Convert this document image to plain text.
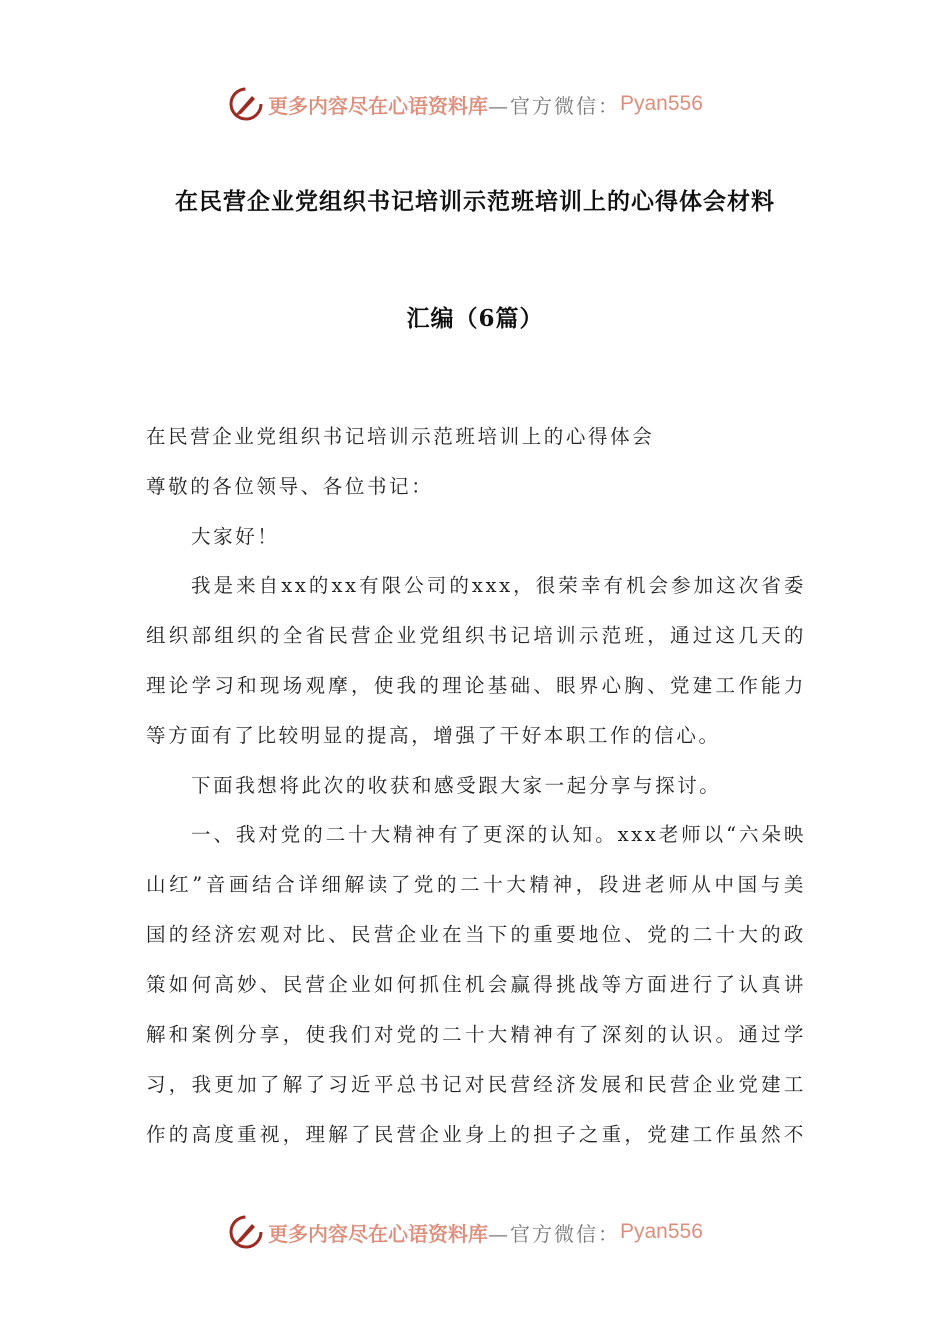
更多内容尽在心语资料库 —官方微信： Pyan556
在民营企业党组织书记培训示范班培训上的心得体会材料
汇编（6篇）
在民营企业党组织书记培训示范班培训上的心得体会
尊敬的各位领导、各位书记：
大家好！
我是来自xx的xx有限公司的xxx，很荣幸有机会参加这次省委
组织部组织的全省民营企业党组织书记培训示范班，通过这几天的
理论学习和现场观摩，使我的理论基础、眼界心胸、党建工作能力
等方面有了比较明显的提高，增强了干好本职工作的信心。
下面我想将此次的收获和感受跟大家一起分享与探讨。
一、我对党的二十大精神有了更深的认知。xxx老师以“六朵映
山红”音画结合详细解读了党的二十大精神，段进老师从中国与美
国的经济宏观对比、民营企业在当下的重要地位、党的二十大的政
策如何高妙、民营企业如何抓住机会赢得挑战等方面进行了认真讲
解和案例分享，使我们对党的二十大精神有了深刻的认识。通过学
习，我更加了解了习近平总书记对民营经济发展和民营企业党建工
作的高度重视，理解了民营企业身上的担子之重，党建工作虽然不
更多内容尽在心语资料库 —官方微信： Pyan556
